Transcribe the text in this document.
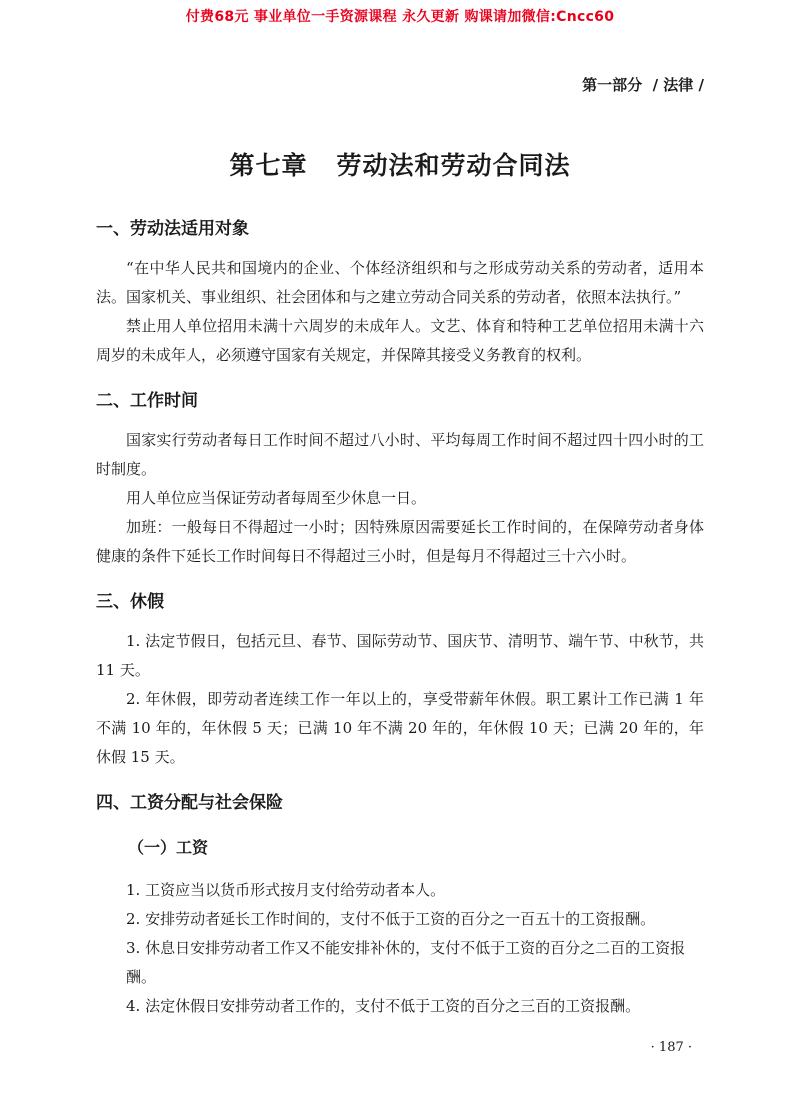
付费68元 事业单位一手资源课程 永久更新 购课请加微信:Cncc60
第一部分  / 法律 /
第七章   劳动法和劳动合同法
一、劳动法适用对象

“在中华人民共和国境内的企业、个体经济组织和与之形成劳动关系的劳动者，适用本法。国家机关、事业组织、社会团体和与之建立劳动合同关系的劳动者，依照本法执行。”

禁止用人单位招用未满十六周岁的未成年人。文艺、体育和特种工艺单位招用未满十六周岁的未成年人，必须遵守国家有关规定，并保障其接受义务教育的权利。

二、工作时间

国家实行劳动者每日工作时间不超过八小时、平均每周工作时间不超过四十四小时的工时制度。

用人单位应当保证劳动者每周至少休息一日。

加班：一般每日不得超过一小时；因特殊原因需要延长工作时间的，在保障劳动者身体健康的条件下延长工作时间每日不得超过三小时，但是每月不得超过三十六小时。

三、休假

1. 法定节假日，包括元旦、春节、国际劳动节、国庆节、清明节、端午节、中秋节，共 11 天。

2. 年休假，即劳动者连续工作一年以上的，享受带薪年休假。职工累计工作已满 1 年不满 10 年的，年休假 5 天；已满 10 年不满 20 年的，年休假 10 天；已满 20 年的，年休假 15 天。

四、工资分配与社会保险
（一）工资

1. 工资应当以货币形式按月支付给劳动者本人。

2. 安排劳动者延长工作时间的，支付不低于工资的百分之一百五十的工资报酬。

3. 休息日安排劳动者工作又不能安排补休的，支付不低于工资的百分之二百的工资报酬。

4. 法定休假日安排劳动者工作的，支付不低于工资的百分之三百的工资报酬。

· 187 ·
